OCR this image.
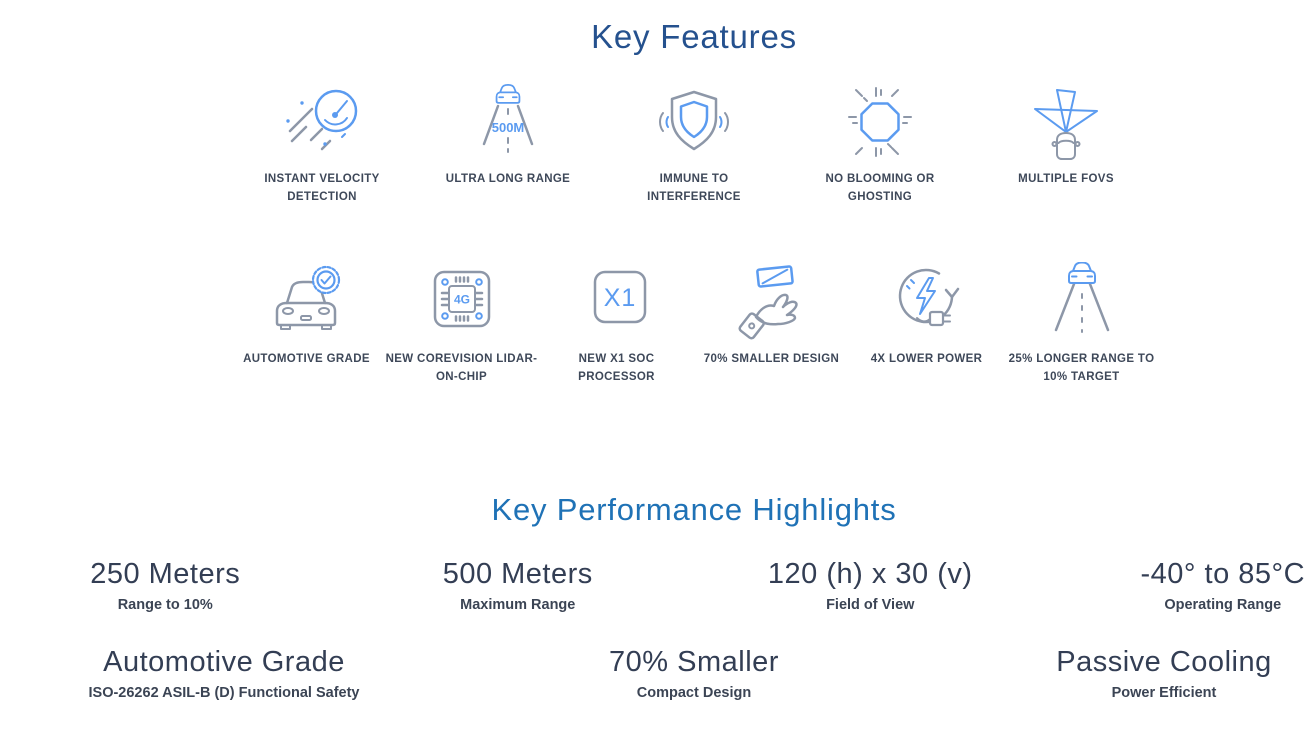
Key Features
INSTANT VELOCITY DETECTION
500M
ULTRA LONG RANGE	IMMUNE TO INTERFERENCE
NO BLOOMING OR GHOSTING
MULTIPLE FOVS
AUTOMOTIVE GRADE
4G
NEW COREVISION LIDAR-ON-CHIP
X1
NEW X1 SOC PROCESSOR
70% SMALLER DESIGN	4X LOWER POWER 25% LONGER RANGE TO 10% TARGET
Key Performance Highlights
250 Meters
Range to 10%
500 Meters
Maximum Range
120 (h) x 30 (v)
Field of View
-40° to 85°C
Operating Range
Automotive Grade
ISO-26262 ASIL-B (D) Functional Safety
70% Smaller
Compact Design
Passive Cooling
Power Efficient
